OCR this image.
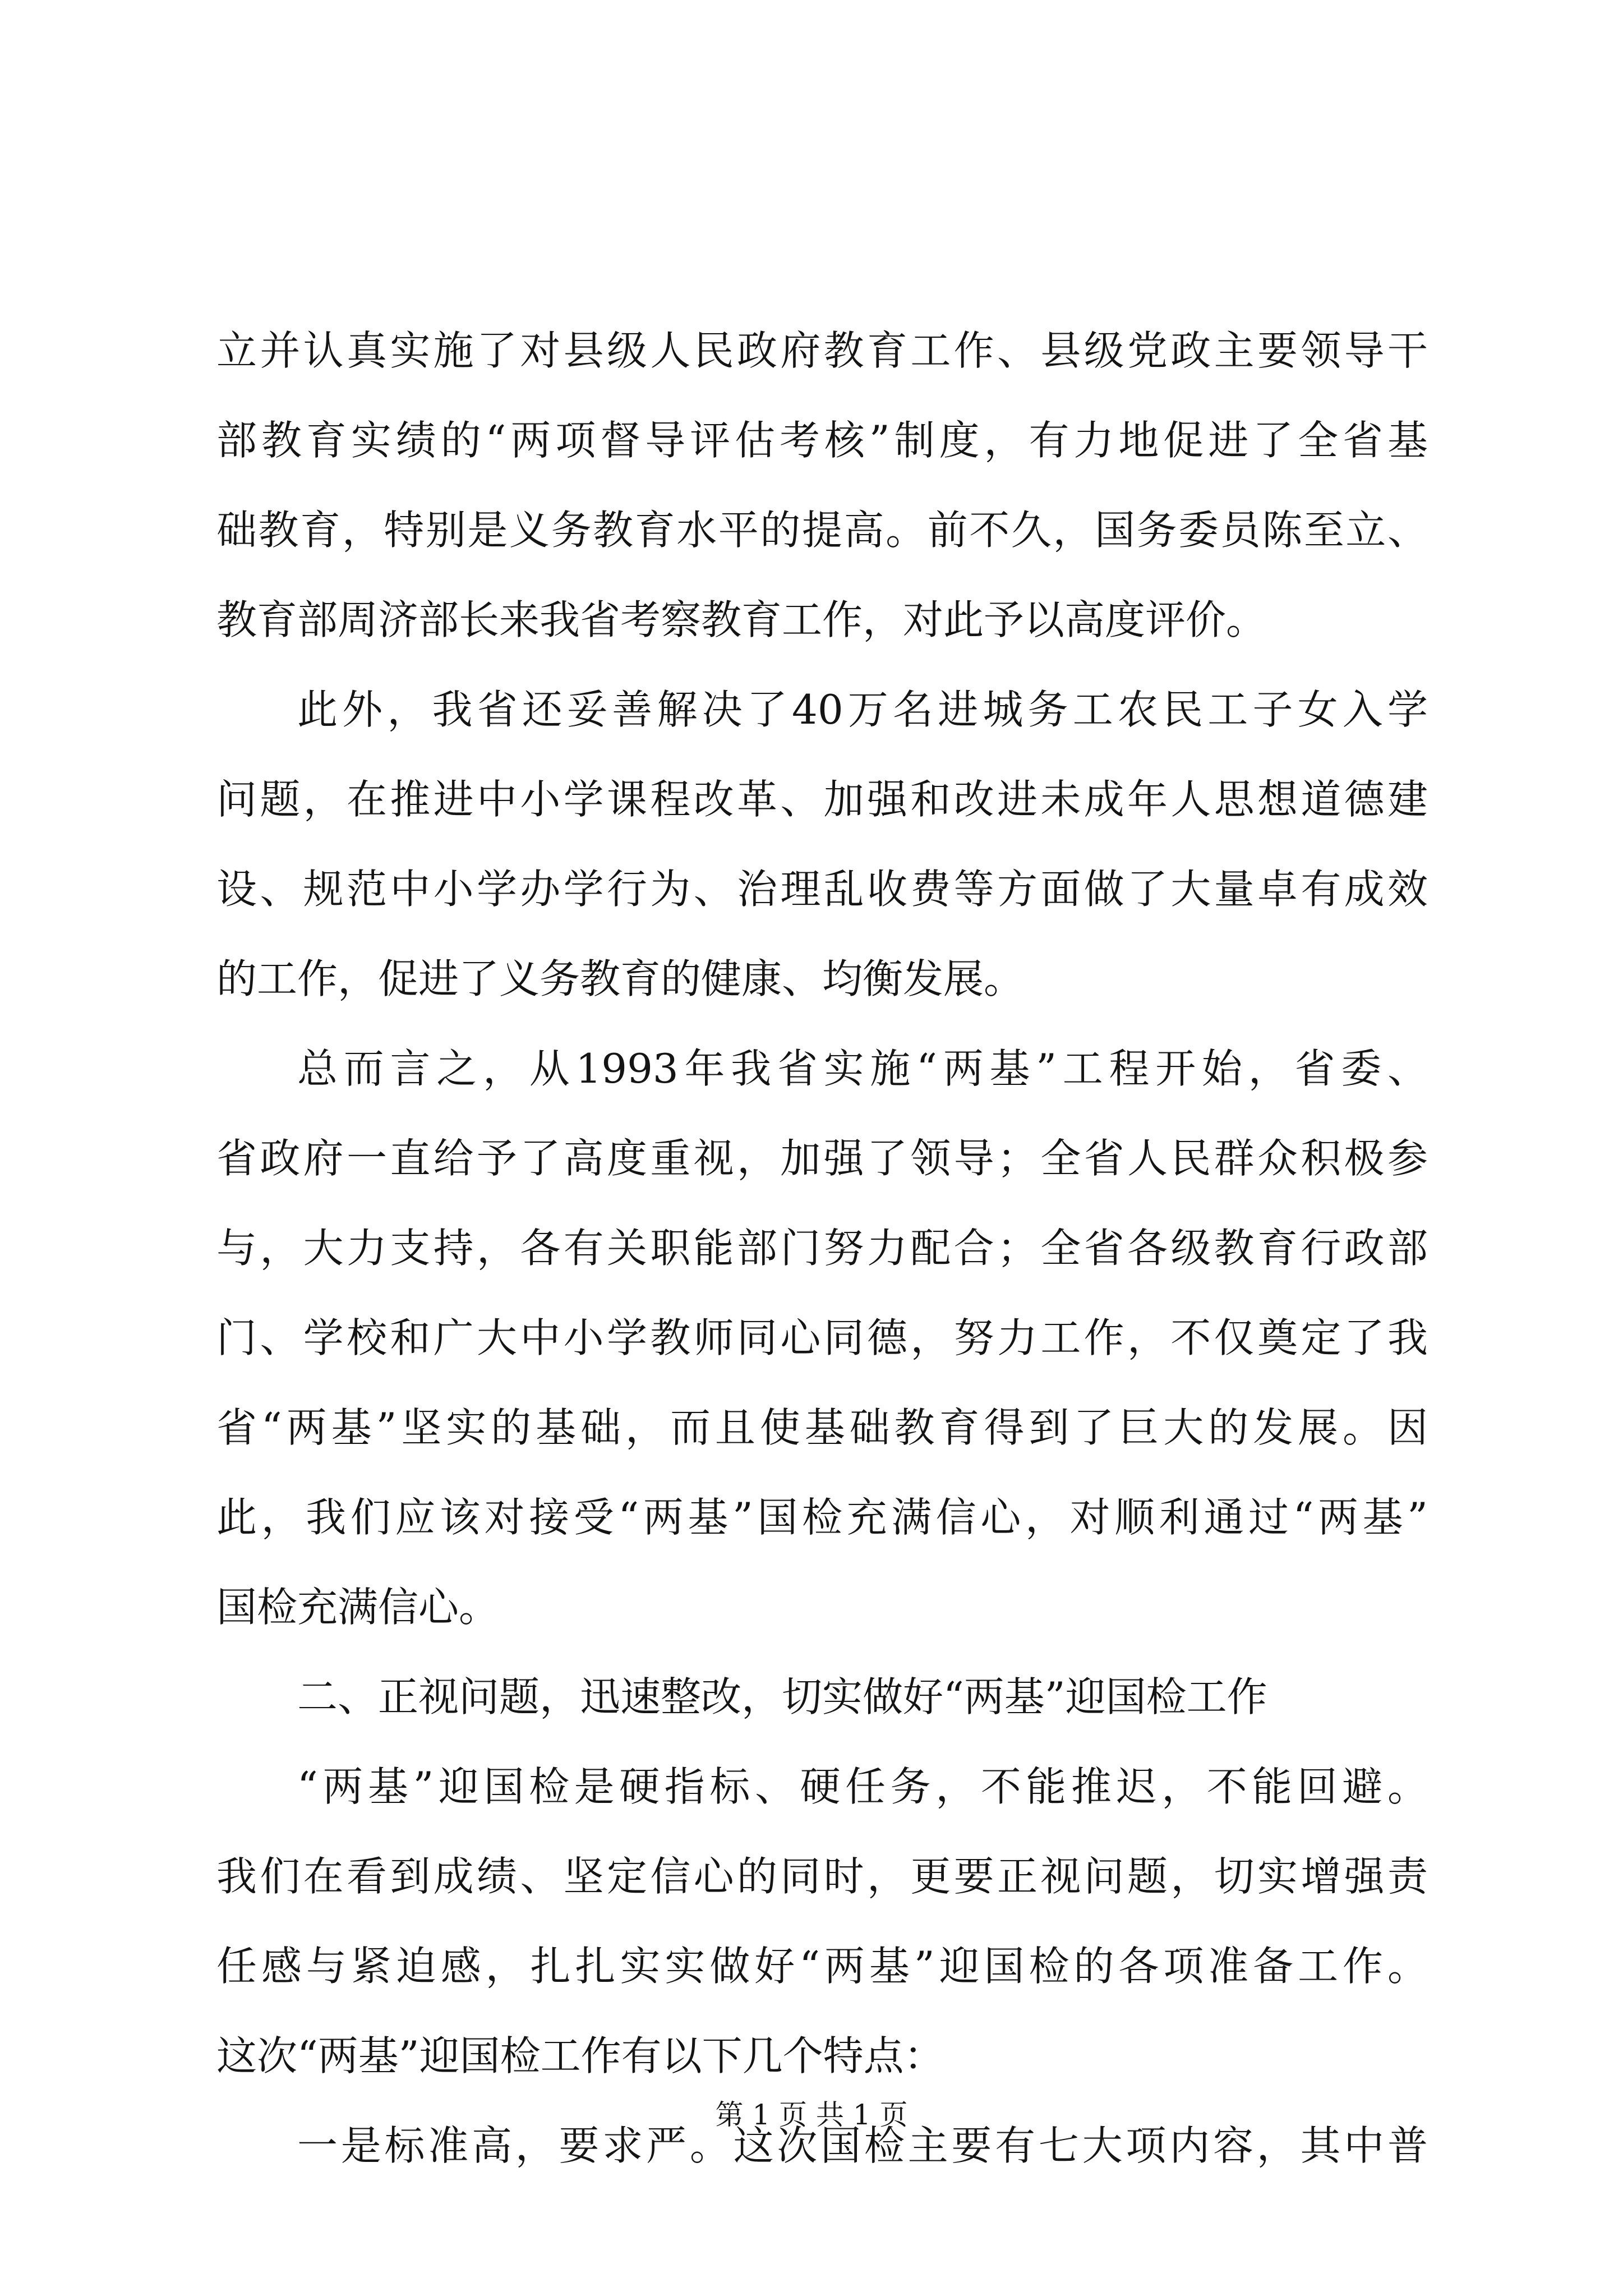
立并认真实施了对县级人民政府教育工作、县级党政主要领导干
部教育实绩的“两项督导评估考核”制度，有力地促进了全省基
础教育，特别是义务教育水平的提高。前不久，国务委员陈至立、
教育部周济部长来我省考察教育工作，对此予以高度评价。
此外，我省还妥善解决了40万名进城务工农民工子女入学
问题，在推进中小学课程改革、加强和改进未成年人思想道德建
设、规范中小学办学行为、治理乱收费等方面做了大量卓有成效
的工作，促进了义务教育的健康、均衡发展。
总而言之，从1993年我省实施“两基”工程开始，省委、
省政府一直给予了高度重视，加强了领导；全省人民群众积极参
与，大力支持，各有关职能部门努力配合；全省各级教育行政部
门、学校和广大中小学教师同心同德，努力工作，不仅奠定了我
省“两基”坚实的基础，而且使基础教育得到了巨大的发展。因
此，我们应该对接受“两基”国检充满信心，对顺利通过“两基”
国检充满信心。
二、正视问题，迅速整改，切实做好“两基”迎国检工作
“两基”迎国检是硬指标、硬任务，不能推迟，不能回避。
我们在看到成绩、坚定信心的同时，更要正视问题，切实增强责
任感与紧迫感，扎扎实实做好“两基”迎国检的各项准备工作。
这次“两基”迎国检工作有以下几个特点：
一是标准高，要求严。这次国检主要有七大项内容，其中普
第 1 页 共 1 页
